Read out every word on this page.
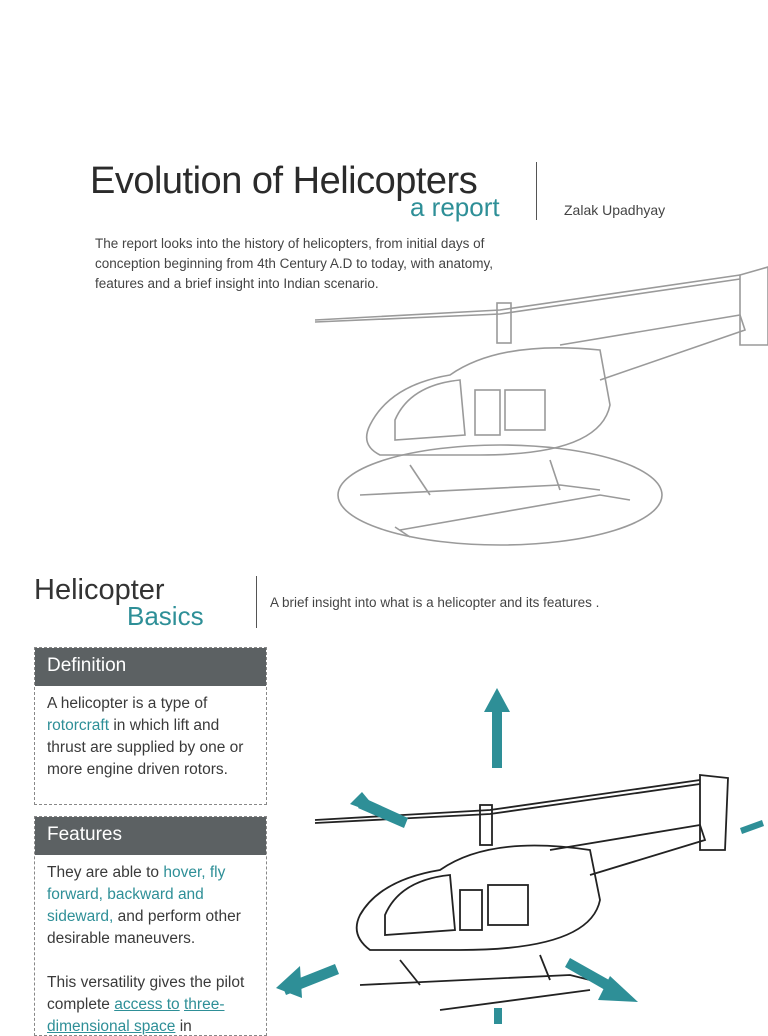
Evolution of Helicopters
a report	Zalak Upadhyay
The report looks into the history of helicopters, from initial days of conception beginning from 4th Century A.D to today, with anatomy, features and a brief insight into Indian scenario.
Helicopter
Basics	A brief insight into what is a helicopter and its features .
Definition
A helicopter is a type of rotorcraft in which lift and thrust are supplied by one or more engine driven rotors.
Features
They are able to hover, fly forward, backward and sideward, and perform other desirable maneuvers.
This versatility gives the pilot complete access to three-dimensional space in
